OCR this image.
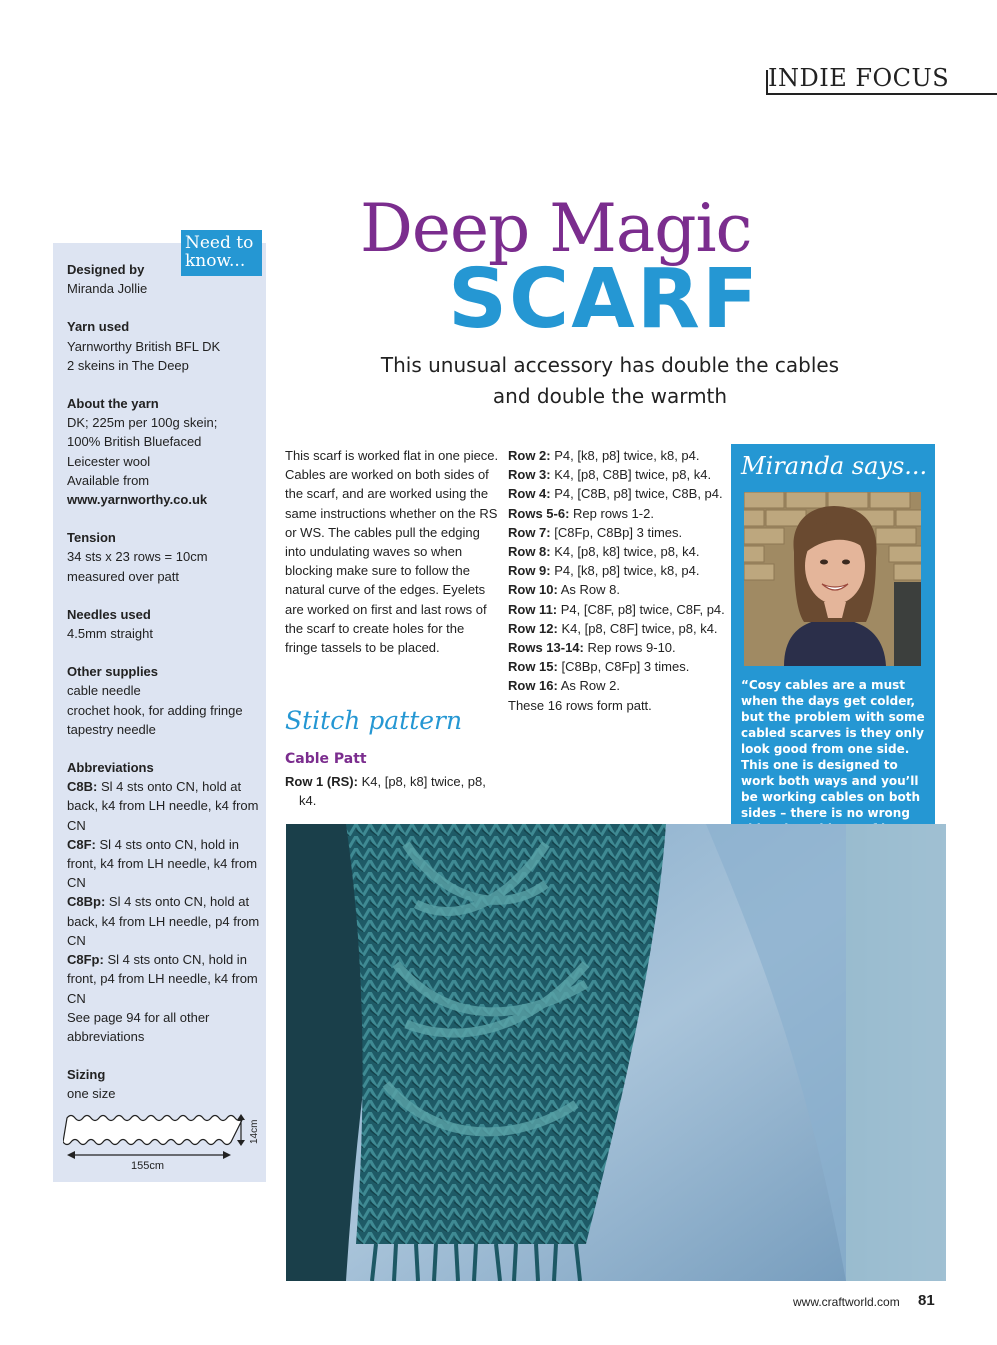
INDIE FOCUS
Need to know...
Designed by
Miranda Jollie
Yarn used
Yarnworthy British BFL DK
2 skeins in The Deep
About the yarn
DK; 225m per 100g skein;
100% British Bluefaced
Leicester wool
Available from
www.yarnworthy.co.uk
Tension
34 sts x 23 rows = 10cm
measured over patt
Needles used
4.5mm straight
Other supplies
cable needle
crochet hook, for adding fringe
tapestry needle
Abbreviations
C8B: Sl 4 sts onto CN, hold at back, k4 from LH needle, k4 from CN
C8F: Sl 4 sts onto CN, hold in front, k4 from LH needle, k4 from CN
C8Bp: Sl 4 sts onto CN, hold at back, k4 from LH needle, p4 from CN
C8Fp: Sl 4 sts onto CN, hold in front, p4 from LH needle, k4 from CN
See page 94 for all other abbreviations
Sizing
one size
14cm
155cm
Deep Magic
SCARF
This unusual accessory has double the cables and double the warmth
This scarf is worked flat in one piece. Cables are worked on both sides of the scarf, and are worked using the same instructions whether on the RS or WS. The cables pull the edging into undulating waves so when blocking make sure to follow the natural curve of the edges. Eyelets are worked on first and last rows of the scarf to create holes for the fringe tassels to be placed.
Stitch pattern
Cable Patt
Row 1 (RS): K4, [p8, k8] twice, p8, k4.
Row 2: P4, [k8, p8] twice, k8, p4.
Row 3: K4, [p8, C8B] twice, p8, k4.
Row 4: P4, [C8B, p8] twice, C8B, p4.
Rows 5-6: Rep rows 1-2.
Row 7: [C8Fp, C8Bp] 3 times.
Row 8: K4, [p8, k8] twice, p8, k4.
Row 9: P4, [k8, p8] twice, k8, p4.
Row 10: As Row 8.
Row 11: P4, [C8F, p8] twice, C8F, p4.
Row 12: K4, [p8, C8F] twice, p8, k4.
Rows 13-14: Rep rows 9-10.
Row 15: [C8Bp, C8Fp] 3 times.
Row 16: As Row 2.
These 16 rows form patt.
Miranda says...
“Cosy cables are a must when the days get colder, but the problem with some cabled scarves is they only look good from one side. This one is designed to work both ways and you’ll be working cables on both sides – there is no wrong
www.craftworld.com 81
